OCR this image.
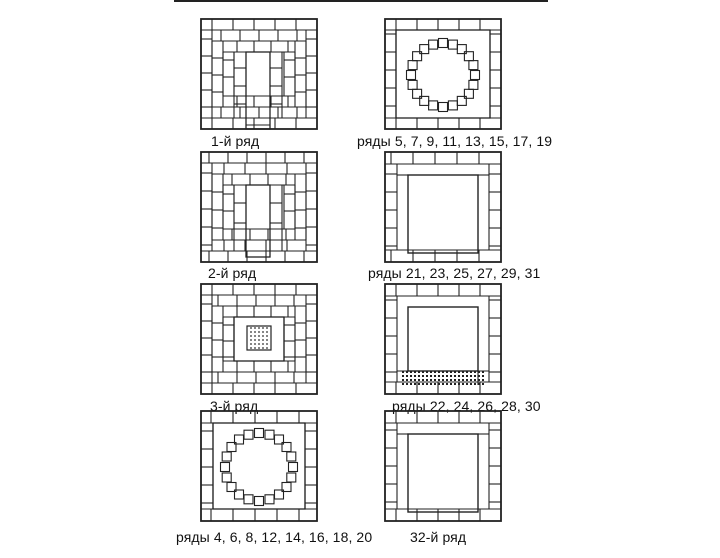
1-й ряд	ряды 5, 7, 9, 11, 13, 15, 17, 19
2-й ряд	ряды 21, 23, 25, 27, 29, 31
3-й ряд	ряды 22, 24, 26, 28, 30
ряды 4, 6, 8, 12, 14, 16, 18, 20	32-й ряд
